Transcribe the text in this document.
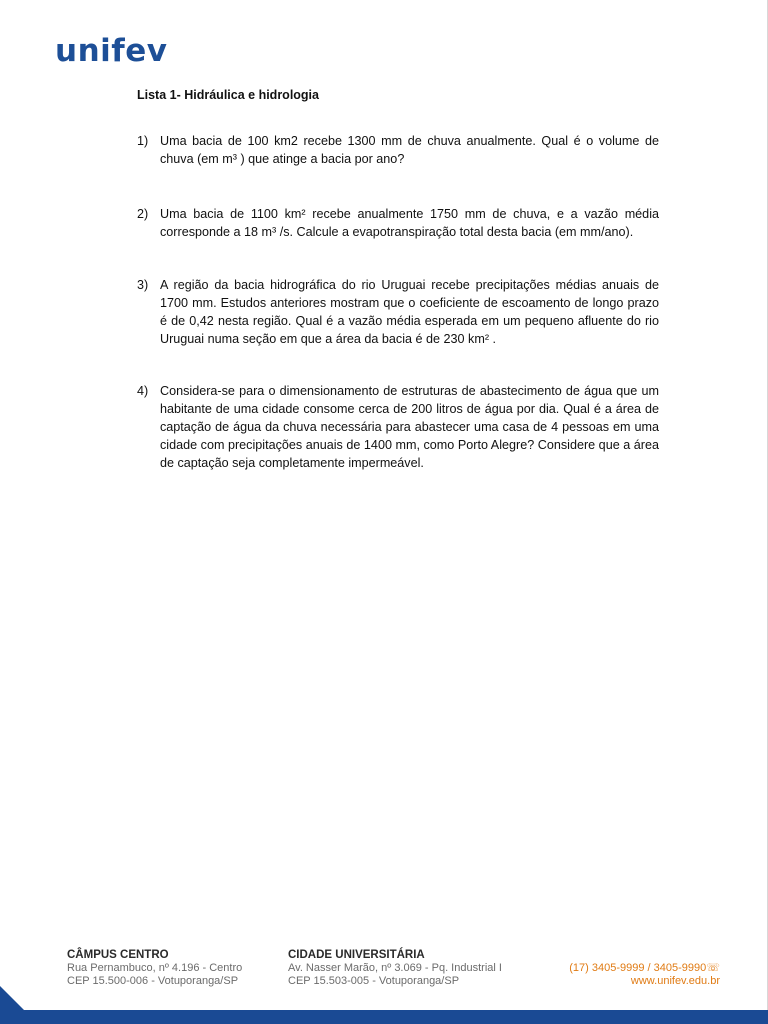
unifev
Lista 1- Hidráulica e hidrologia
1) Uma bacia de 100 km2 recebe 1300 mm de chuva anualmente. Qual é o volume de chuva (em m³ ) que atinge a bacia por ano?
2) Uma bacia de 1100 km² recebe anualmente 1750 mm de chuva, e a vazão média corresponde a 18 m³ /s. Calcule a evapotranspiração total desta bacia (em mm/ano).
3) A região da bacia hidrográfica do rio Uruguai recebe precipitações médias anuais de 1700 mm. Estudos anteriores mostram que o coeficiente de escoamento de longo prazo é de 0,42 nesta região. Qual é a vazão média esperada em um pequeno afluente do rio Uruguai numa seção em que a área da bacia é de 230 km² .
4) Considera-se para o dimensionamento de estruturas de abastecimento de água que um habitante de uma cidade consome cerca de 200 litros de água por dia. Qual é a área de captação de água da chuva necessária para abastecer uma casa de 4 pessoas em uma cidade com precipitações anuais de 1400 mm, como Porto Alegre? Considere que a área de captação seja completamente impermeável.
CÂMPUS CENTRO
Rua Pernambuco, nº 4.196 - Centro
CEP 15.500-006 - Votuporanga/SP
CIDADE UNIVERSITÁRIA
Av. Nasser Marão, nº 3.069 - Pq. Industrial I
CEP 15.503-005 - Votuporanga/SP
(17) 3405-9999 / 3405-9990☏
www.unifev.edu.br
